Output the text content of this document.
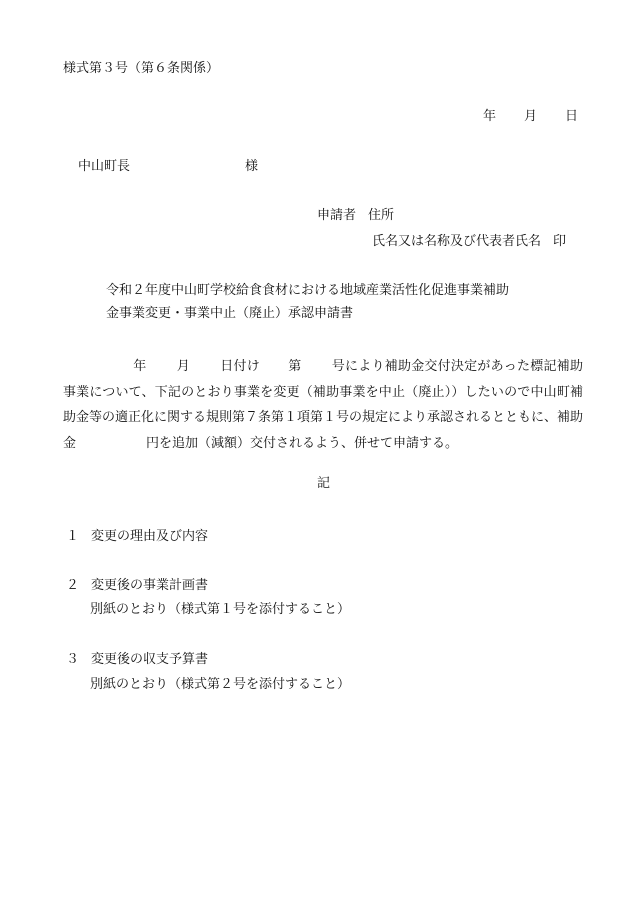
様式第３号（第６条関係）
年 月 日
中山町長	様
申請者 住所
氏名又は名称及び代表者氏名 印
令和２年度中山町学校給食食材における地域産業活性化促進事業補助
金事業変更・事業中止（廃止）承認申請書
年 月 日付け 第 号により補助金交付決定があった標記補助事業について、下記のとおり事業を変更（補助事業を中止（廃止））したいので中山町補助金等の適正化に関する規則第７条第１項第１号の規定により承認されるとともに、補助金	円を追加（減額）交付されるよう、併せて申請する。
記
１ 変更の理由及び内容
２ 変更後の事業計画書
別紙のとおり（様式第１号を添付すること）
３ 変更後の収支予算書
別紙のとおり（様式第２号を添付すること）
